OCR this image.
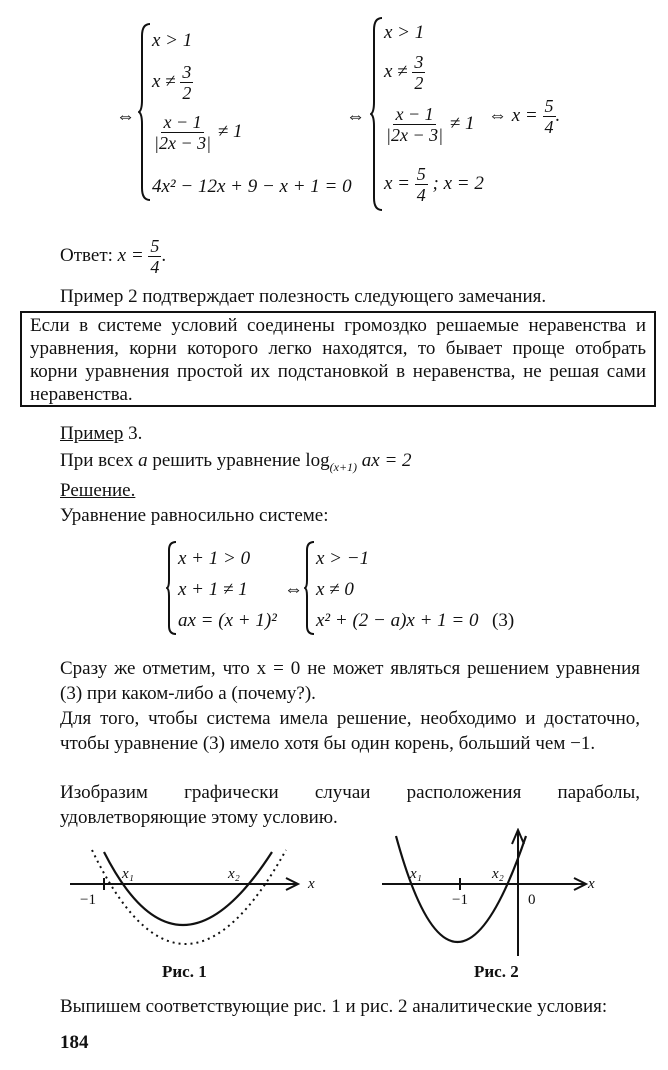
⇔
x > 1
$x \ne \frac{3}{2}$
$\frac{x - 1}{|2x - 3|} \ne 1$
4x² − 12x + 9 − x + 1 = 0
⇔
x > 1
$x \ne \frac{3}{2}$
$\frac{x - 1}{|2x - 3|} \ne 1$
$x = \frac{5}{4}$ ; x = 2
⇔ $x = \frac{5}{4}$ .
Ответ: $x = \frac{5}{4}$ .
Пример 2 подтверждает полезность следующего замечания.
Если в системе условий соединены громоздко решаемые неравенства и уравнения, корни которого легко находятся, то бывает проще отобрать корни уравнения простой их подстановкой в неравенства, не решая сами неравенства.
Пример 3.
При всех a решить уравнение $\log_{(x+1)}$ ax = 2
Решение.
Уравнение равносильно системе:
x + 1 > 0
x + 1 ≠ 1
ax = (x + 1)²
⇔
x > −1
x ≠ 0
x² + (2 − a)x + 1 = 0 (3)
Сразу же отметим, что x = 0 не может являться решением уравнения (3) при каком-либо a (почему?).
Для того, чтобы система имела решение, необходимо и достаточно, чтобы уравнение (3) имело хотя бы один корень, больший чем −1.
Изобразим графически случаи расположения параболы, удовлетворяющие этому условию.
x
x₁	x₂
−1
Рис. 1
x
x₁	x₂
−1	0
Рис. 2
Выпишем соответствующие рис. 1 и рис. 2 аналитические условия:
184
